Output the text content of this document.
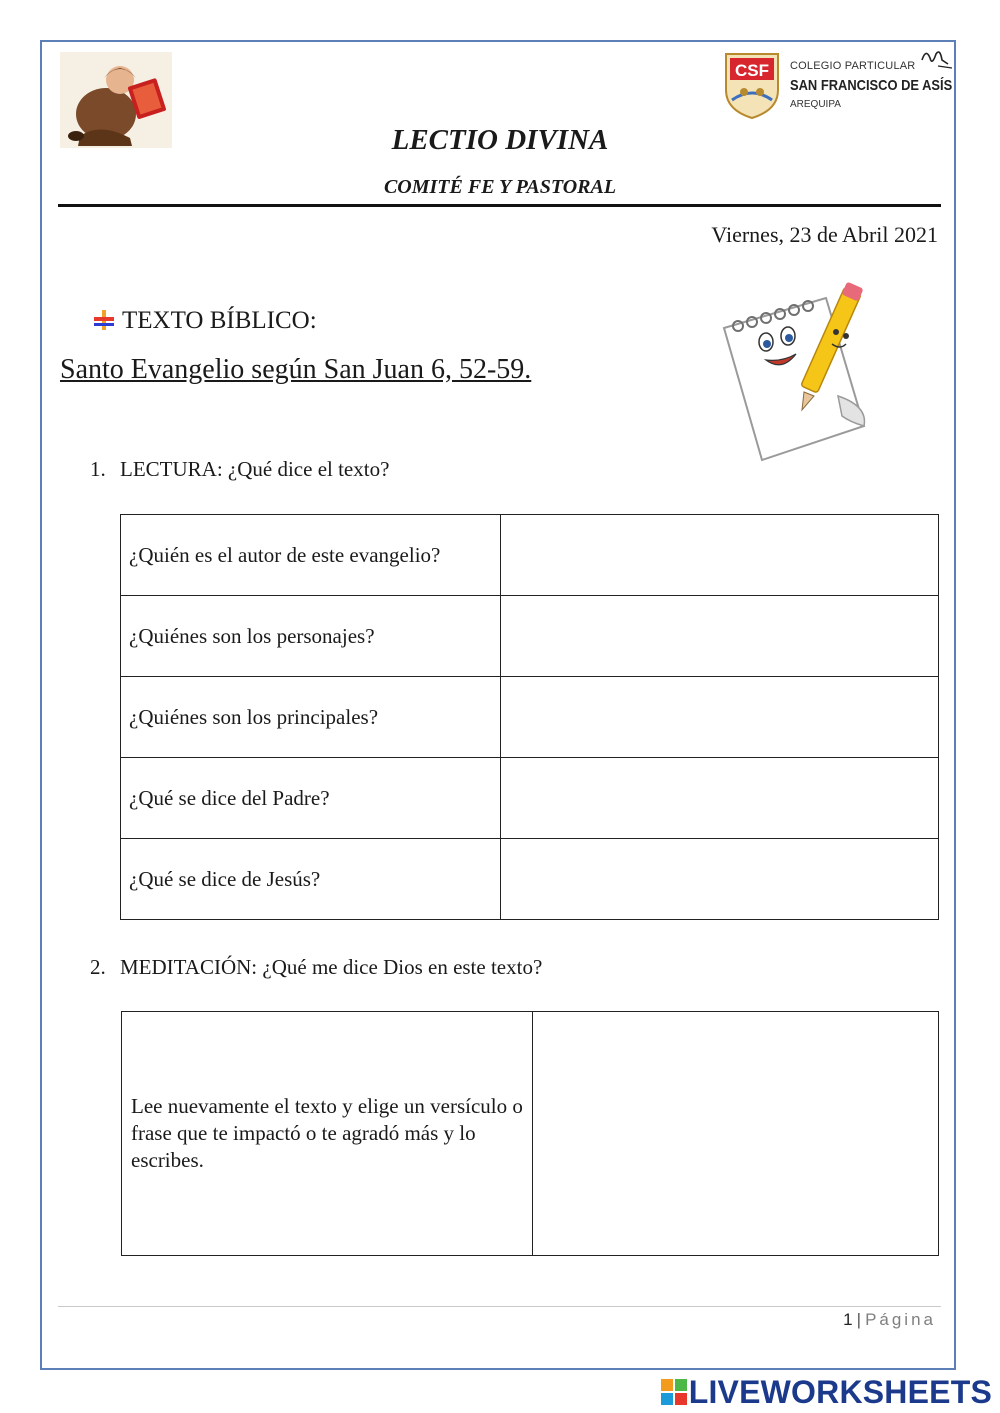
CSF COLEGIO PARTICULAR
SAN FRANCISCO DE ASÍS
AREQUIPA
LECTIO DIVINA
COMITÉ FE Y PASTORAL
Viernes, 23 de Abril 2021
TEXTO BÍBLICO:
Santo Evangelio según San Juan 6, 52-59.
1. LECTURA: ¿Qué dice el texto?
¿Quién es el autor de este evangelio?	
¿Quiénes son los personajes?	
¿Quiénes son los principales?	
¿Qué se dice del Padre?	
¿Qué se dice de Jesús?	
2. MEDITACIÓN: ¿Qué me dice Dios en este texto?
Lee nuevamente el texto y elige un versículo o frase que te impactó o te agradó más y lo escribes.	
1 | Página
LIVEWORKSHEETS
